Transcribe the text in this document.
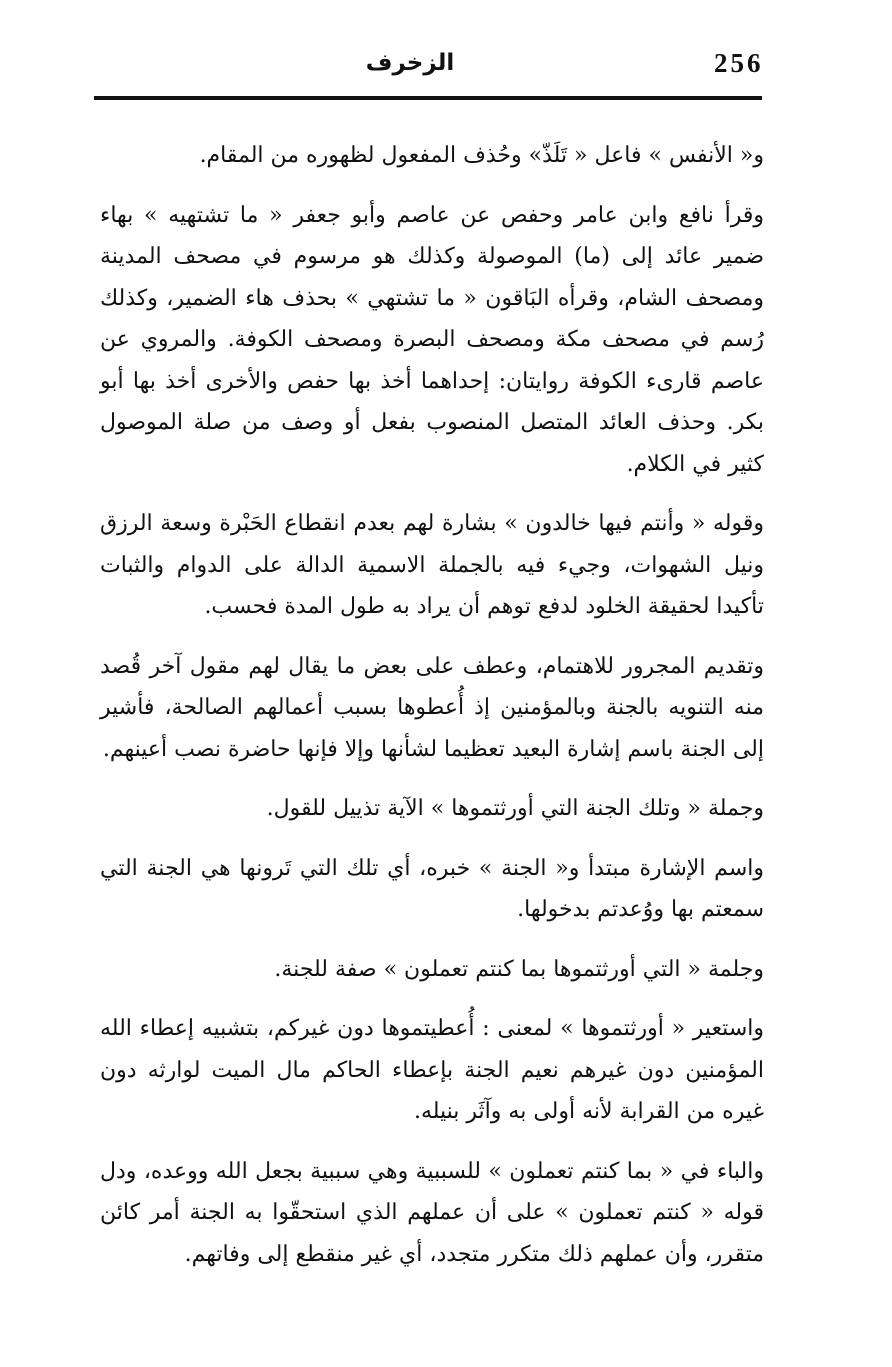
256
الزخرف

و« الأنفس » فاعل « تَلَذّ» وحُذف المفعول لظهوره من المقام.

وقرأ نافع وابن عامر وحفص عن عاصم وأبو جعفر « ما تشتهيه » بهاء ضمير عائد إلى (ما) الموصولة وكذلك هو مرسوم في مصحف المدينة ومصحف الشام، وقرأه البَاقون « ما تشتهي » بحذف هاء الضمير، وكذلك رُسم في مصحف مكة ومصحف البصرة ومصحف الكوفة. والمروي عن عاصم قارىء الكوفة روايتان: إحداهما أخذ بها حفص والأخرى أخذ بها أبو بكر. وحذف العائد المتصل المنصوب بفعل أو وصف من صلة الموصول كثير في الكلام.

وقوله « وأنتم فيها خالدون » بشارة لهم بعدم انقطاع الحَبْرة وسعة الرزق ونيل الشهوات، وجيء فيه بالجملة الاسمية الدالة على الدوام والثبات تأكيدا لحقيقة الخلود لدفع توهم أن يراد به طول المدة فحسب.

وتقديم المجرور للاهتمام، وعطف على بعض ما يقال لهم مقول آخر قُصد منه التنويه بالجنة وبالمؤمنين إذ أُعطوها بسبب أعمالهم الصالحة، فأشير إلى الجنة باسم إشارة البعيد تعظيما لشأنها وإلا فإنها حاضرة نصب أعينهم.

وجملة « وتلك الجنة التي أورثتموها » الآية تذييل للقول.

واسم الإشارة مبتدأ و« الجنة » خبره، أي تلك التي تَرونها هي الجنة التي سمعتم بها ووُعدتم بدخولها.

وجلمة « التي أورثتموها بما كنتم تعملون » صفة للجنة.

واستعير « أورثتموها » لمعنى : أُعطيتموها دون غيركم، بتشبيه إعطاء الله المؤمنين دون غيرهم نعيم الجنة بإعطاء الحاكم مال الميت لوارثه دون غيره من القرابة لأنه أولى به وآثَر بنيله.

والباء في « بما كنتم تعملون » للسببية وهي سببية بجعل الله ووعده، ودل قوله « كنتم تعملون » على أن عملهم الذي استحقّوا به الجنة أمر كائن متقرر، وأن عملهم ذلك متكرر متجدد، أي غير منقطع إلى وفاتهم.
